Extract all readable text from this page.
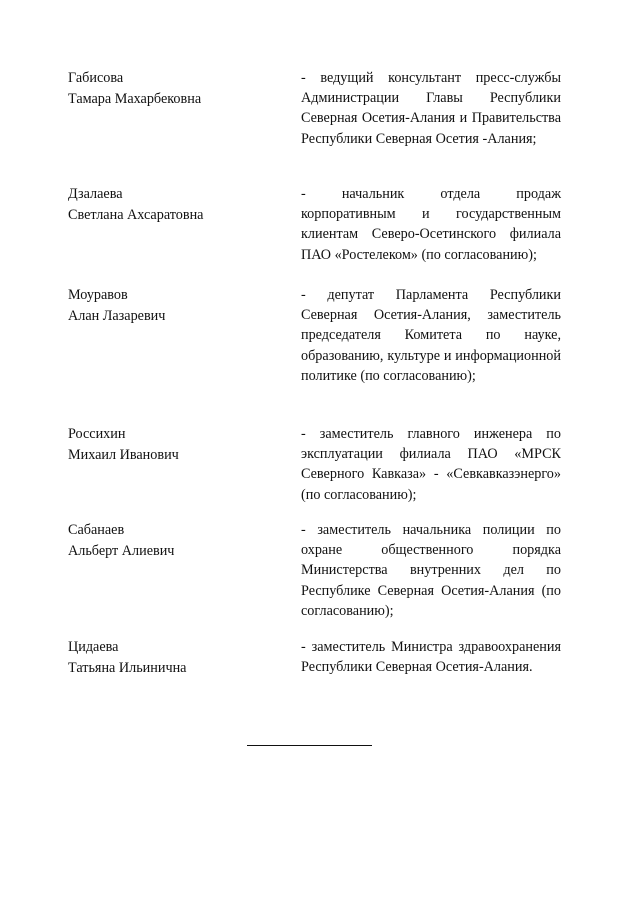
Габисова
Тамара Махарбековна
- ведущий консультант пресс-службы Администрации Главы Республики Северная Осетия-Алания и Правительства Республики Северная Осетия -Алания;
Дзалаева
Светлана Ахсаратовна
- начальник отдела продаж корпоративным и государственным клиентам Северо-Осетинского филиала ПАО «Ростелеком» (по согласованию);
Моуравов
Алан Лазаревич
- депутат Парламента Республики Северная Осетия-Алания, заместитель председателя Комитета по науке, образованию, культуре и информационной политике (по согласованию);
Россихин
Михаил Иванович
- заместитель главного инженера по эксплуатации филиала ПАО «МРСК Северного Кавказа» - «Севкавказэнерго» (по согласованию);
Сабанаев
Альберт Алиевич
- заместитель начальника полиции по охране общественного порядка Министерства внутренних дел по Республике Северная Осетия-Алания (по согласованию);
Цидаева
Татьяна Ильинична
- заместитель Министра здравоохранения Республики Северная Осетия-Алания.
